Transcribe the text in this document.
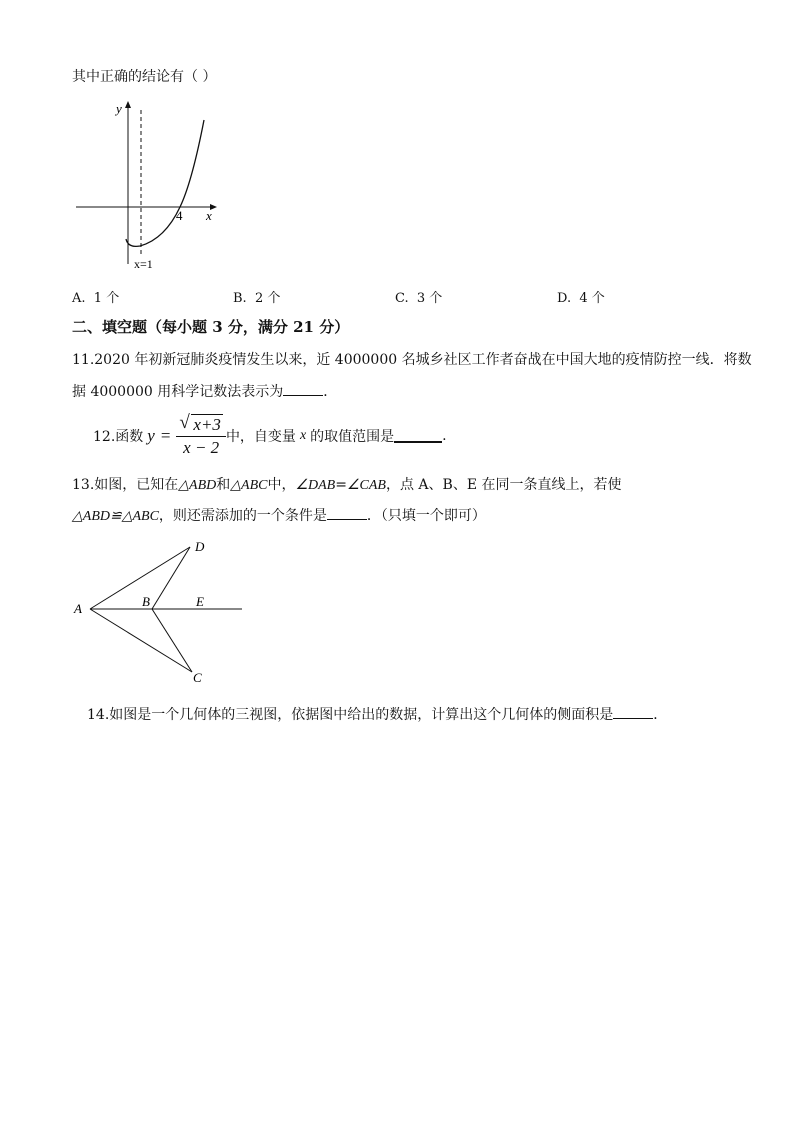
其中正确的结论有（ ）
y
x
4
x=1
A. 1 个	B. 2 个	C. 3 个	D. 4 个
二、填空题（每小题 3 分，满分 21 分）
11.2020 年初新冠肺炎疫情发生以来，近 4000000 名城乡社区工作者奋战在中国大地的疫情防控一线．将数
据 4000000 用科学记数法表示为	．
12.函数 $y = \frac{√ x+3}{x - 2}$ 中，自变量 x 的取值范围是	.
13.如图，已知在△ABD和△ABC中，∠DAB=∠CAB，点 A、B、E 在同一条直线上，若使
△ABD≌△ABC，则还需添加的一个条件是	．（只填一个即可）
A	B
D
E
C
14.如图是一个几何体的三视图，依据图中给出的数据，计算出这个几何体的侧面积是	．
